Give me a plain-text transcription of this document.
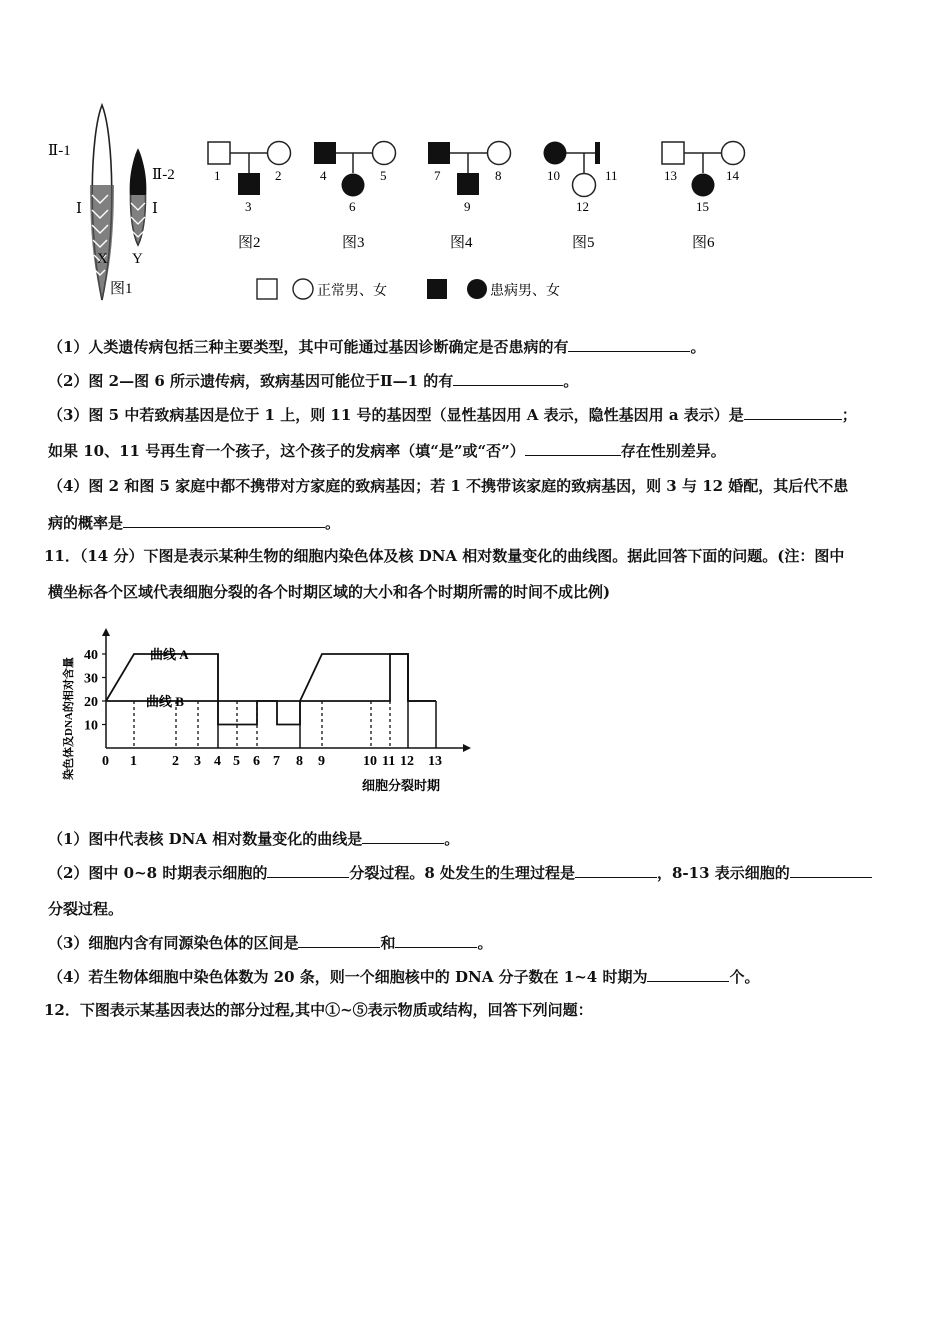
Ⅱ-1
Ⅱ-2
Ⅰ	Ⅰ
X Y
图1
1	2
3
图2
4	5
6
图3
7	8
9
图4
10	11
12
图5
13	14
15
图6
正常男、女	患病男、女
（1）人类遗传病包括三种主要类型，其中可能通过基因诊断确定是否患病的有	。
（2）图 2—图 6 所示遗传病，致病基因可能位于Ⅱ—1 的有	。
（3）图 5 中若致病基因是位于 1 上，则 11 号的基因型（显性基因用 A 表示，隐性基因用 a 表示）是	；
如果 10、11 号再生育一个孩子，这个孩子的发病率（填“是”或“否”）	存在性别差异。
（4）图 2 和图 5 家庭中都不携带对方家庭的致病基因；若 1 不携带该家庭的致病基因，则 3 与 12 婚配，其后代不患
病的概率是	。
11．（14 分）下图是表示某种生物的细胞内染色体及核 DNA 相对数量变化的曲线图。据此回答下面的问题。(注：图中
横坐标各个区域代表细胞分裂的各个时期区域的大小和各个时期所需的时间不成比例)
染色体及DNA的相对含量 10
20
30
40
0 1	2 3 4 5 6 7 8 9	10 11 12 13
曲线 A
曲线 B
细胞分裂时期
（1）图中代表核 DNA 相对数量变化的曲线是	。
（2）图中 0~8 时期表示细胞的	分裂过程。8 处发生的生理过程是	，8-13 表示细胞的
分裂过程。
（3）细胞内含有同源染色体的区间是	和	。
（4）若生物体细胞中染色体数为 20 条，则一个细胞核中的 DNA 分子数在 1~4 时期为	个。
12．下图表示某基因表达的部分过程,其中①~⑤表示物质或结构，回答下列问题：
